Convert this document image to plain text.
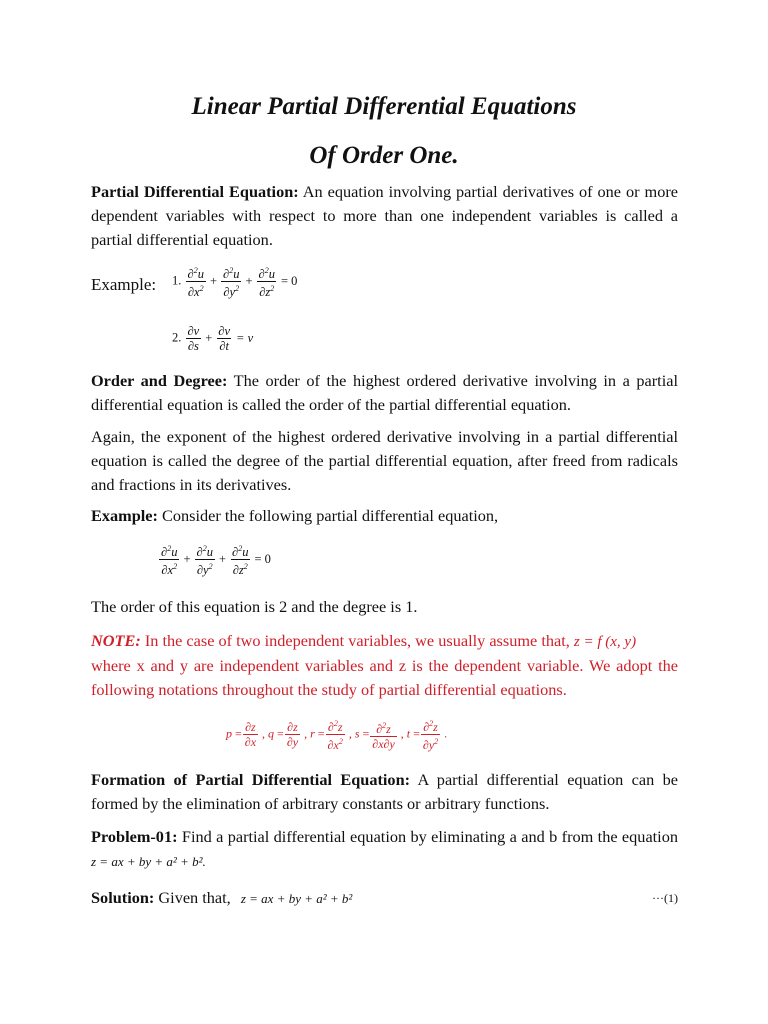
Linear Partial Differential Equations
Of Order One.
Partial Differential Equation: An equation involving partial derivatives of one or more dependent variables with respect to more than one independent variables is called a partial differential equation.
Example:	1. $\frac{\partial^2u}{\partial x^2} + \frac{\partial^2u}{\partial y^2} + \frac{\partial^2u}{\partial z^2} = 0$
2. $\frac{\partial v}{\partial s} + \frac{\partial v}{\partial t} = v$
Order and Degree: The order of the highest ordered derivative involving in a partial differential equation is called the order of the partial differential equation.
Again, the exponent of the highest ordered derivative involving in a partial differential equation is called the degree of the partial differential equation, after freed from radicals and fractions in its derivatives.
Example: Consider the following partial differential equation,
$\frac{\partial^2u}{\partial x^2} + \frac{\partial^2u}{\partial y^2} + \frac{\partial^2u}{\partial z^2} = 0$
The order of this equation is 2 and the degree is 1.
NOTE: In the case of two independent variables, we usually assume that, z = f (x, y)
where x and y are independent variables and z is the dependent variable. We adopt the following notations throughout the study of partial differential equations.
$p = \frac{\partial z}{\partial x}$ , $q = \frac{\partial z}{\partial y}$ , $r = \frac{\partial^2z}{\partial x^2}$ , $s = \frac{\partial^2z}{\partial x\partial y}$ , $t = \frac{\partial^2z}{\partial y^2}$ .
Formation of Partial Differential Equation: A partial differential equation can be formed by the elimination of arbitrary constants or arbitrary functions.
Problem-01: Find a partial differential equation by eliminating a and b from the equation z = ax + by + a² + b².
Solution: Given that, z = ax + by + a² + b²	···(1)
